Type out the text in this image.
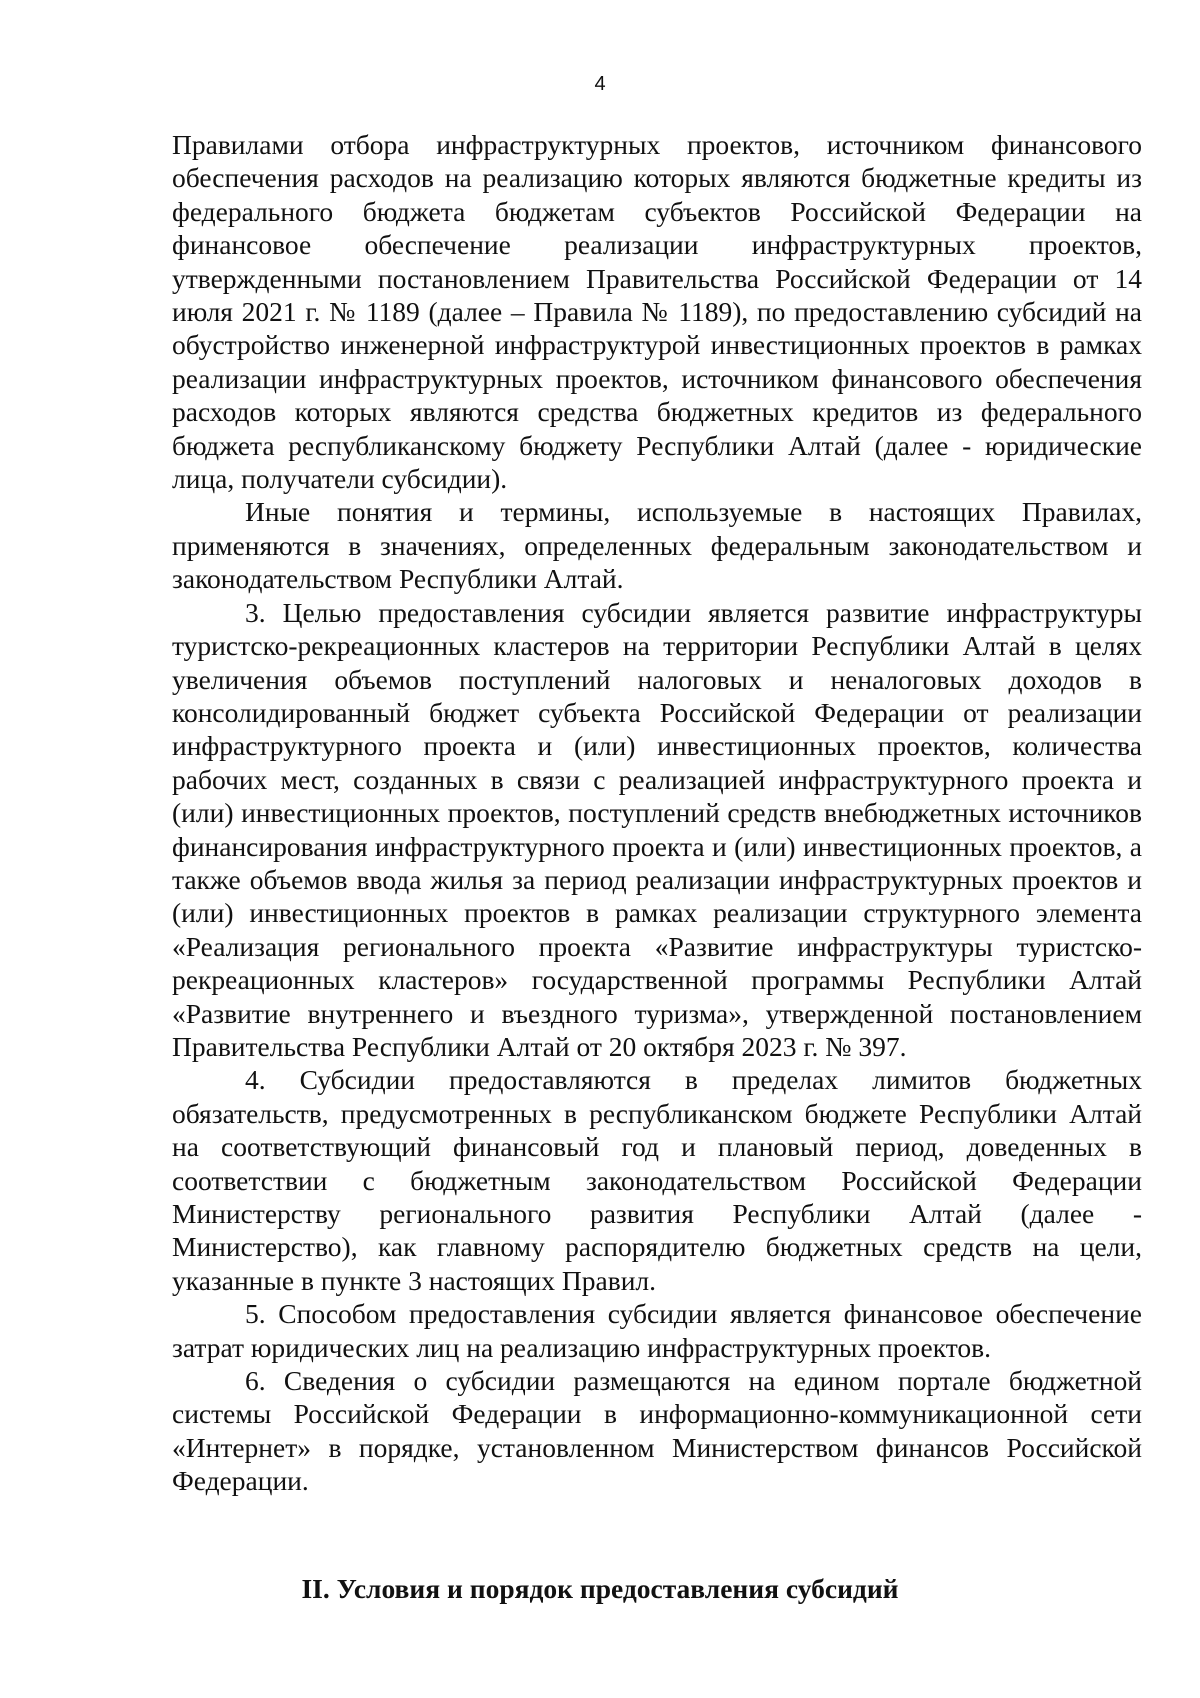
4

Правилами отбора инфраструктурных проектов, источником финансового обеспечения расходов на реализацию которых являются бюджетные кредиты из федерального бюджета бюджетам субъектов Российской Федерации на финансовое обеспечение реализации инфраструктурных проектов, утвержденными постановлением Правительства Российской Федерации от 14 июля 2021 г. № 1189 (далее – Правила № 1189), по предоставлению субсидий на обустройство инженерной инфраструктурой инвестиционных проектов в рамках реализации инфраструктурных проектов, источником финансового обеспечения расходов которых являются средства бюджетных кредитов из федерального бюджета республиканскому бюджету Республики Алтай (далее - юридические лица, получатели субсидии).

Иные понятия и термины, используемые в настоящих Правилах, применяются в значениях, определенных федеральным законодательством и законодательством Республики Алтай.

3. Целью предоставления субсидии является развитие инфраструктуры туристско-рекреационных кластеров на территории Республики Алтай в целях увеличения объемов поступлений налоговых и неналоговых доходов в консолидированный бюджет субъекта Российской Федерации от реализации инфраструктурного проекта и (или) инвестиционных проектов, количества рабочих мест, созданных в связи с реализацией инфраструктурного проекта и (или) инвестиционных проектов, поступлений средств внебюджетных источников финансирования инфраструктурного проекта и (или) инвестиционных проектов, а также объемов ввода жилья за период реализации инфраструктурных проектов и (или) инвестиционных проектов в рамках реализации структурного элемента «Реализация регионального проекта «Развитие инфраструктуры туристско-рекреационных кластеров» государственной программы Республики Алтай «Развитие внутреннего и въездного туризма», утвержденной постановлением Правительства Республики Алтай от 20 октября 2023 г. № 397.

4. Субсидии предоставляются в пределах лимитов бюджетных обязательств, предусмотренных в республиканском бюджете Республики Алтай на соответствующий финансовый год и плановый период, доведенных в соответствии с бюджетным законодательством Российской Федерации Министерству регионального развития Республики Алтай (далее - Министерство), как главному распорядителю бюджетных средств на цели, указанные в пункте 3 настоящих Правил.

5. Способом предоставления субсидии является финансовое обеспечение затрат юридических лиц на реализацию инфраструктурных проектов.

6. Сведения о субсидии размещаются на едином портале бюджетной системы Российской Федерации в информационно-коммуникационной сети «Интернет» в порядке, установленном Министерством финансов Российской Федерации.

II. Условия и порядок предоставления субсидий
